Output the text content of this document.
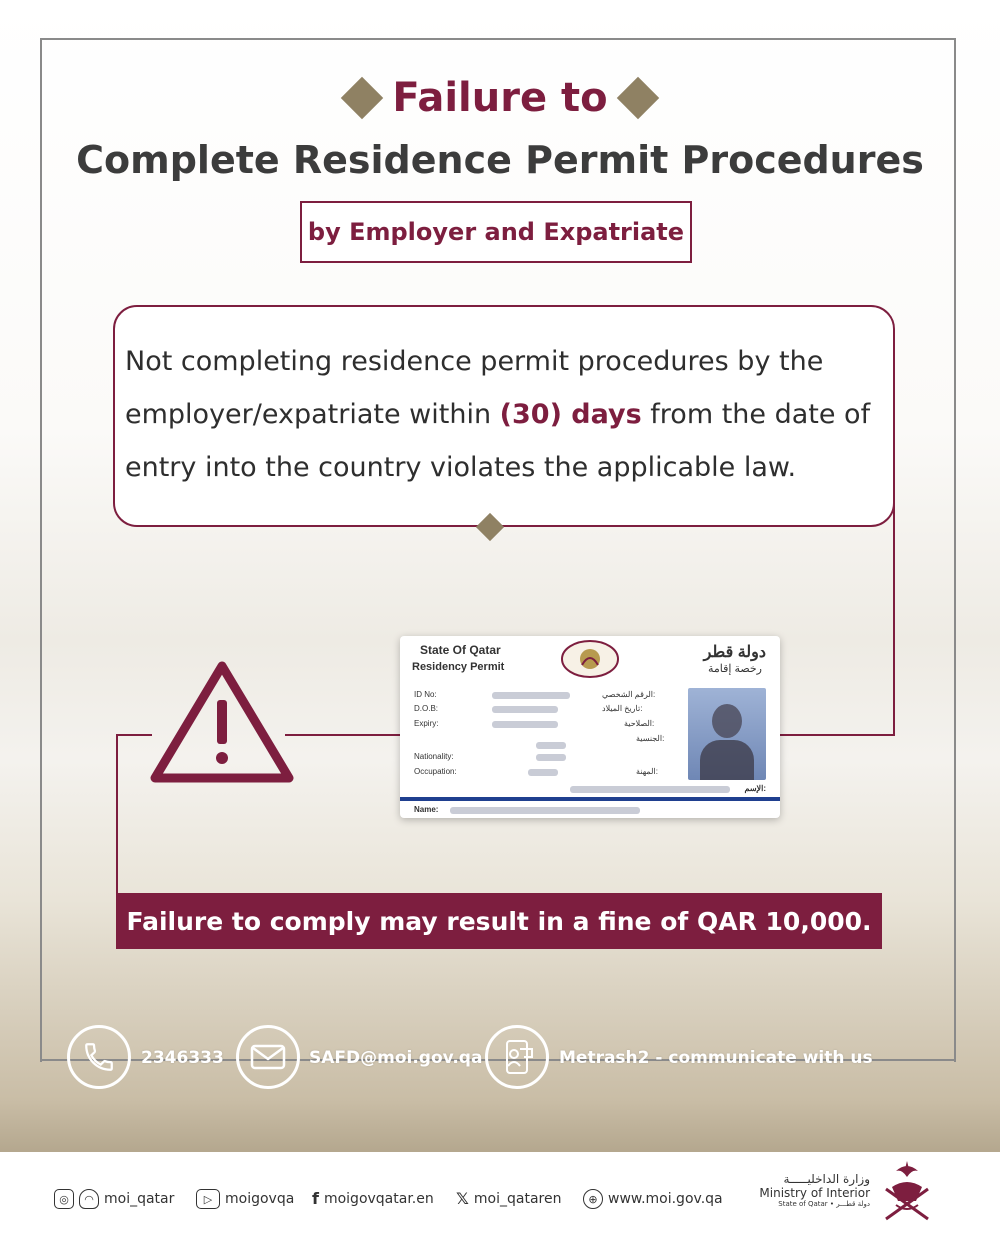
Failure to
Complete Residence Permit Procedures
by Employer and Expatriate
Not completing residence permit procedures by the employer/expatriate within (30) days from the date of entry into the country violates the applicable law.
State Of Qatar
Residency Permit
دولة قطر
رخصة إقامة
ID No:
D.O.B:
Expiry:
Nationality:
Occupation:
الرقم الشخصي:
تاريخ الميلاد:
الصلاحية:
الجنسية:
المهنة:
الإسم:
Name:
Failure to comply may result in a fine of QAR 10,000.
2346333	SAFD@moi.gov.qa	Metrash2 - communicate with us
◎	◠ moi_qatar	▷ moigovqa f moigovqatar.en 𝕏 moi_qataren	⊕ www.moi.gov.qa
وزارة الداخليـــــة
Ministry of Interior
State of Qatar • دولة قطـــر
